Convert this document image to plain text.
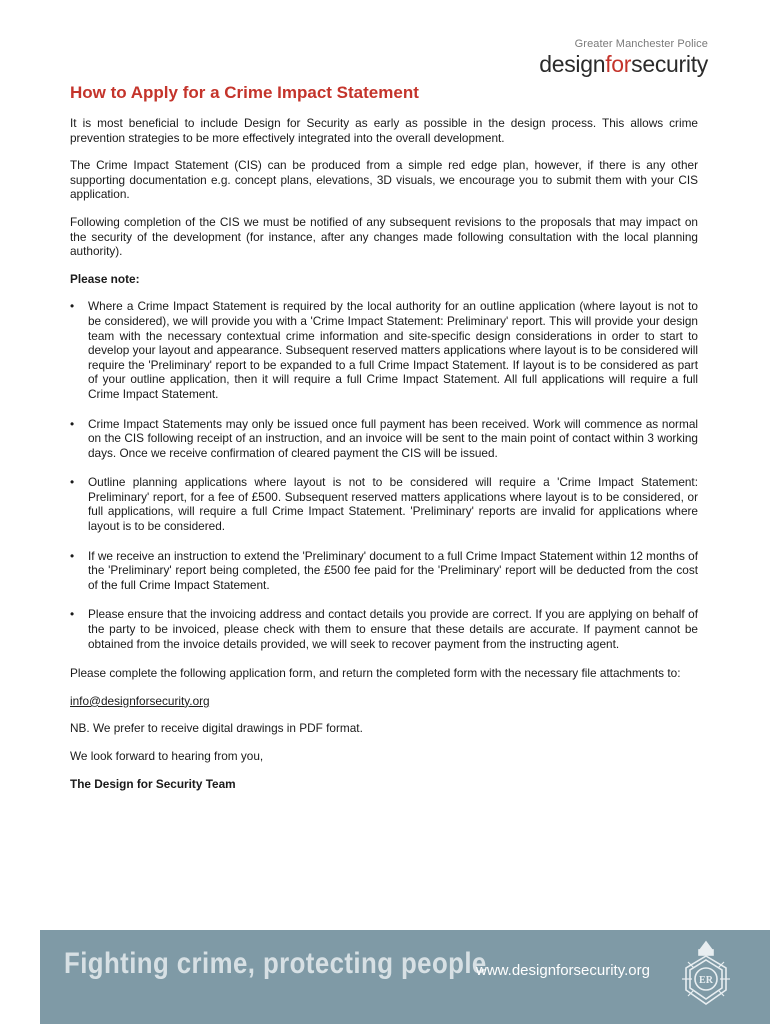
Greater Manchester Police
designforsecurity
How to Apply for a Crime Impact Statement

It is most beneficial to include Design for Security as early as possible in the design process. This allows crime prevention strategies to be more effectively integrated into the overall development.

The Crime Impact Statement (CIS) can be produced from a simple red edge plan, however, if there is any other supporting documentation e.g. concept plans, elevations, 3D visuals, we encourage you to submit them with your CIS application.

Following completion of the CIS we must be notified of any subsequent revisions to the proposals that may impact on the security of the development (for instance, after any changes made following consultation with the local planning authority).

Please note:

• Where a Crime Impact Statement is required by the local authority for an outline application (where layout is not to be considered), we will provide you with a 'Crime Impact Statement: Preliminary' report. This will provide your design team with the necessary contextual crime information and site-specific design considerations in order to start to develop your layout and appearance. Subsequent reserved matters applications where layout is to be considered will require the 'Preliminary' report to be expanded to a full Crime Impact Statement. If layout is to be considered as part of your outline application, then it will require a full Crime Impact Statement. All full applications will require a full Crime Impact Statement.
• Crime Impact Statements may only be issued once full payment has been received. Work will commence as normal on the CIS following receipt of an instruction, and an invoice will be sent to the main point of contact within 3 working days. Once we receive confirmation of cleared payment the CIS will be issued.
• Outline planning applications where layout is not to be considered will require a 'Crime Impact Statement: Preliminary' report, for a fee of £500. Subsequent reserved matters applications where layout is to be considered, or full applications, will require a full Crime Impact Statement. 'Preliminary' reports are invalid for applications where layout is to be considered.
• If we receive an instruction to extend the 'Preliminary' document to a full Crime Impact Statement within 12 months of the 'Preliminary' report being completed, the £500 fee paid for the 'Preliminary' report will be deducted from the cost of the full Crime Impact Statement.
• Please ensure that the invoicing address and contact details you provide are correct. If you are applying on behalf of the party to be invoiced, please check with them to ensure that these details are accurate. If payment cannot be obtained from the invoice details provided, we will seek to recover payment from the instructing agent.

Please complete the following application form, and return the completed form with the necessary file attachments to:

info@designforsecurity.org

NB. We prefer to receive digital drawings in PDF format.

We look forward to hearing from you,

The Design for Security Team

Fighting crime, protecting people
www.designforsecurity.org
ER
